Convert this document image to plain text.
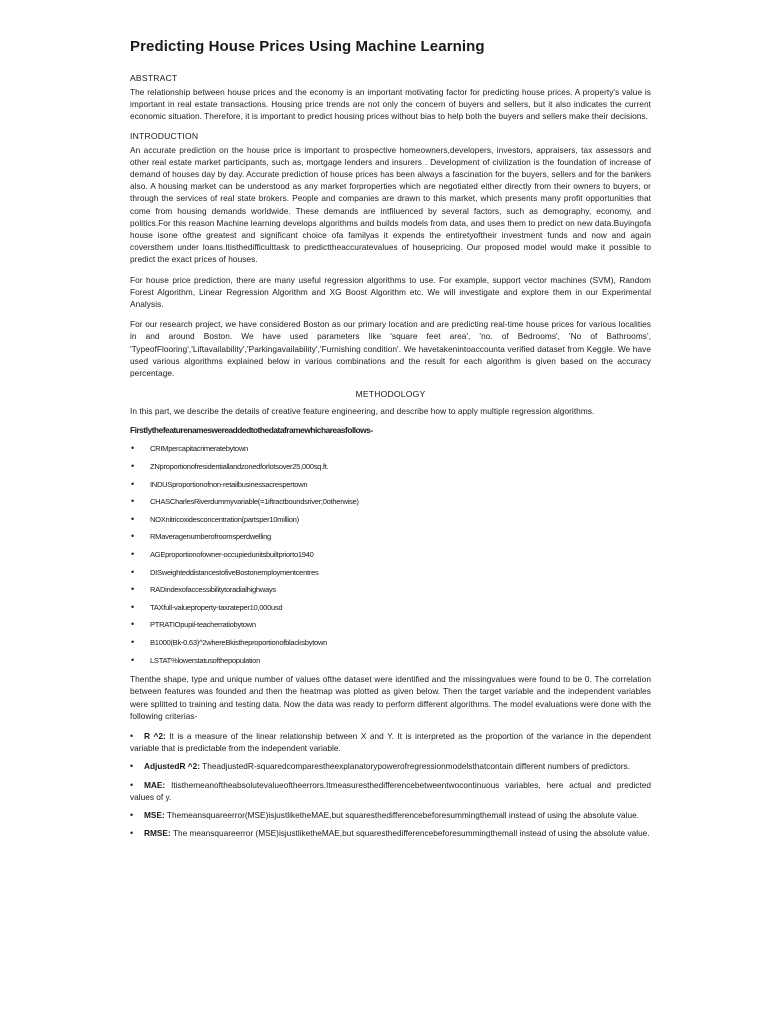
Predicting House Prices Using Machine Learning
ABSTRACT

The relationship between house prices and the economy is an important motivating factor for predicting house prices. A property's value is important in real estate transactions. Housing price trends are not only the concern of buyers and sellers, but it also indicates the current economic situation. Therefore, it is important to predict housing prices without bias to help both the buyers and sellers make their decisions.

INTRODUCTION

An accurate prediction on the house price is important to prospective homeowners,developers, investors, appraisers, tax assessors and other real estate market participants, such as, mortgage lenders and insurers . Development of civilization is the foundation of increase of demand of houses day by day. Accurate prediction of house prices has been always a fascination for the buyers, sellers and for the bankers also. A housing market can be understood as any market forproperties which are negotiated either directly from their owners to buyers, or through the services of real state brokers. People and companies are drawn to this market, which presents many profit opportunities that come from housing demands worldwide. These demands are intfiluenced by several factors, such as demography, economy, and politics.For this reason Machine learning develops algorithms and builds models from data, and uses them to predict on new data.Buyingofa house isone ofthe greatest and significant choice ofa familyas it expends the entiretyoftheir investment funds and now and again coversthem under loans.Itisthedifficulttask to predicttheaccuratevalues of housepricing. Our proposed model would make it possible to predict the exact prices of houses.

For house price prediction, there are many useful regression algorithms to use. For example, support vector machines (SVM), Random Forest Algorithm, Linear Regression Algorithm and XG Boost Algorithm etc. We will investigate and explore them in our Experimental Analysis.

For our research project, we have considered Boston as our primary location and are predicting real-time house prices for various localities in and around Boston. We have used parameters like 'square feet area', 'no. of Bedrooms', 'No of Bathrooms', 'TypeofFlooring','Liftavailability','Parkingavailability','Furnishing condition'. We havetakenintoaccounta verified dataset from Keggle. We have used various algorithms explained below in various combinations and the result for each algorithm is given based on the accuracy percentage.

METHODOLOGY

In this part, we describe the details of creative feature engineering, and describe how to apply multiple regression algorithms.

Firstlythefeaturenameswereaddedtothedataframewhichareasfollows-
• CRIMpercapitacrimeratebytown
• ZNproportionofresidentiallandzonedforlotsover25,000sq.ft.
• INDUSproportionofnon-retailbusinessacrespertown
• CHASCharlesRiverdummyvariable(=1iftractboundsriver;0otherwise)
• NOXnitricoxidesconcentration(partsper10million)
• RMaveragenumberofroomsperdwelling
• AGEproportionofowner-occupiedunitsbuiltpriorto1940
• DISweighteddistancestofiveBostonemploymentcentres
• RADindexofaccessibilitytoradialhighways
• TAXfull-valueproperty-taxrateper10,000usd
• PTRATIOpupil-teacherratiobytown
• B1000(Bk-0.63)^2whereBkistheproportionofblacksbytown
• LSTAT%lowerstatusofthepopulation

Thenthe shape, type and unique number of values ofthe dataset were identified and the missingvalues were found to be 0. The correlation between features was founded and then the heatmap was plotted as given below. Then the target variable and the independent variables were splitted to training and testing data. Now the data was ready to perform different algorithms. The model evaluations were done with the following criterias-

• R ^2: It is a measure of the linear relationship between X and Y. It is interpreted as the proportion of the variance in the dependent variable that is predictable from the independent variable.

• AdjustedR ^2: TheadjustedR-squaredcomparestheexplanatorypowerofregressionmodelsthatcontain different numbers of predictors.

• MAE: Itisthemeanoftheabsolutevalueoftheerrors.Itmeasuresthedifferencebetweentwocontinuous variables, here actual and predicted values of y.

• MSE: Themeansquareerror(MSE)isjustliketheMAE,but squaresthedifferencebeforesummingthemall instead of using the absolute value.

• RMSE: The meansquareerror (MSE)isjustliketheMAE,but squaresthedifferencebeforesummingthemall instead of using the absolute value.
